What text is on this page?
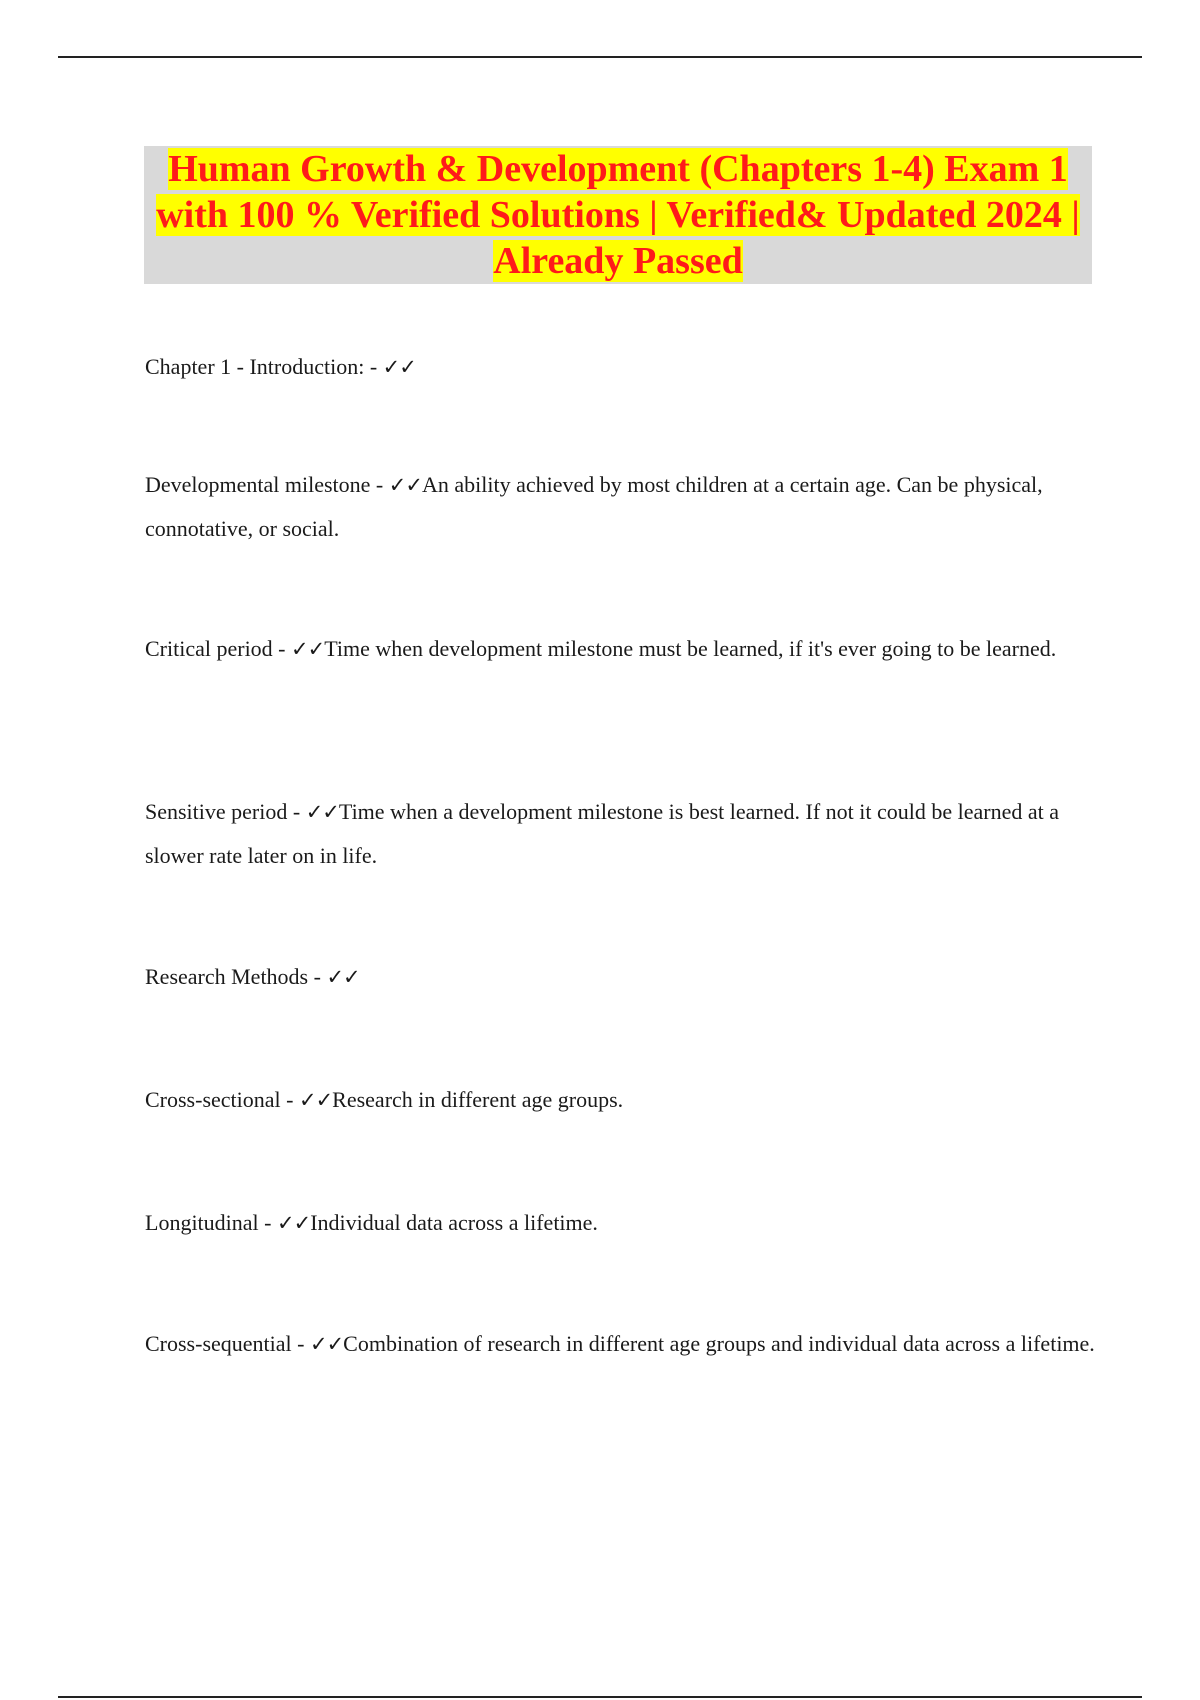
Human Growth & Development (Chapters 1-4) Exam 1 with 100 % Verified Solutions | Verified& Updated 2024 | Already Passed

Chapter 1 - Introduction: - ✓✓

Developmental milestone - ✓✓An ability achieved by most children at a certain age. Can be physical, connotative, or social.

Critical period - ✓✓Time when development milestone must be learned, if it's ever going to be learned.

Sensitive period - ✓✓Time when a development milestone is best learned. If not it could be learned at a slower rate later on in life.

Research Methods - ✓✓

Cross-sectional - ✓✓Research in different age groups.

Longitudinal - ✓✓Individual data across a lifetime.

Cross-sequential - ✓✓Combination of research in different age groups and individual data across a lifetime.
